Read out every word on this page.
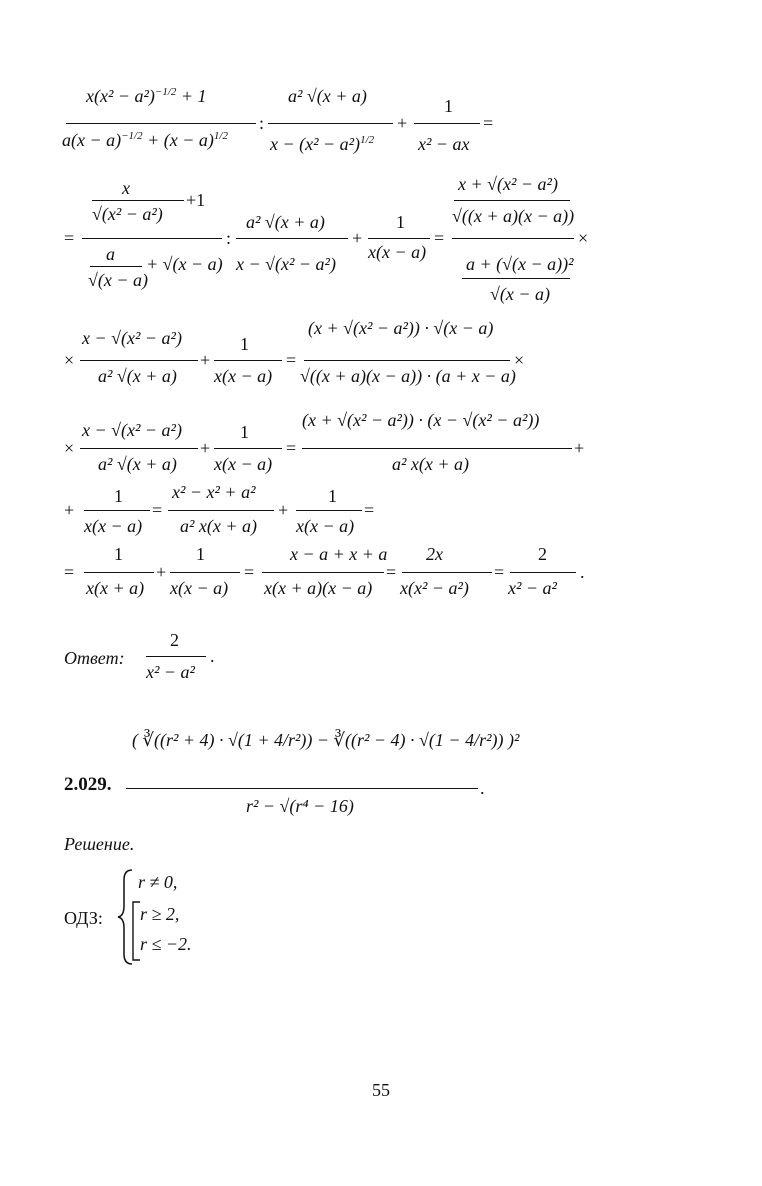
$x(x^2 - a^2)^{-1/2} + 1$	a² √(x + a)	1
:	+	=
$a(x - a)^{-1/2} + (x - a)^{1/2}$ $x - (x^2 - a^2)^{1/2}$ x² − ax
x
+1
√(x² − a²)
x + √(x² − a²)
√((x + a)(x − a))
=	:
a² √(x + a)
+
1
=	×
a + √(x − a) x − √(x² − a²)
x(x − a)
a + (√(x − a))²
√(x − a)
√(x − a)
x − √(x² − a²)	1
(x + √(x² − a²)) · √(x − a)
×	+	=	×
a² √(x + a) x(x − a) √((x + a)(x − a)) · (a + x − a)
x − √(x² − a²)	1
(x + √(x² − a²)) · (x − √(x² − a²))
×	+	=	+
a² √(x + a) x(x − a)	a² x(x + a)
1	x² − x² + a²	1
+	=	+	=
x(x − a) a² x(x + a) x(x − a)
1	1	x − a + x + a 2x	2
=	+	=	=	=	.
x(x + a) x(x − a) x(x + a)(x − a) x(x² − a²) x² − a²
Ответ:
2
.
x² − a²
2.029.
( ∛((r² + 4) · √(1 + 4/r²)) − ∛((r² − 4) · √(1 − 4/r²)) )²
.
r² − √(r⁴ − 16)
Решение.
ОДЗ:
r ≠ 0,
r ≥ 2,
r ≤ −2.
55
